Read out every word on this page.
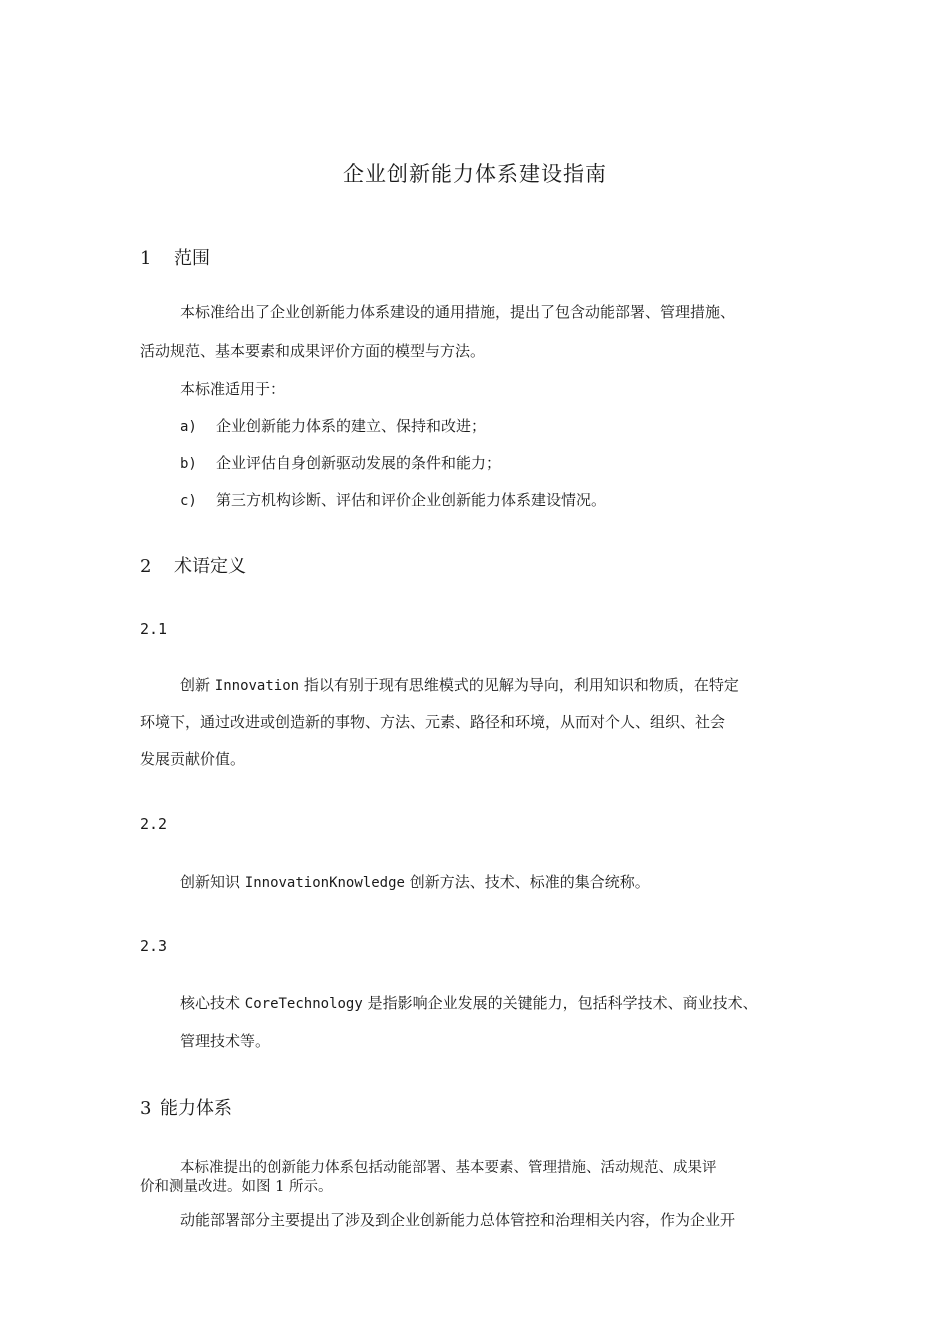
企业创新能力体系建设指南
1 范围
本标准给出了企业创新能力体系建设的通用措施，提出了包含动能部署、管理措施、
活动规范、基本要素和成果评价方面的模型与方法。
本标准适用于：
a) 企业创新能力体系的建立、保持和改进；
b) 企业评估自身创新驱动发展的条件和能力；
c) 第三方机构诊断、评估和评价企业创新能力体系建设情况。
2 术语定义
2.1
创新 Innovation 指以有别于现有思维模式的见解为导向，利用知识和物质，在特定
环境下，通过改进或创造新的事物、方法、元素、路径和环境，从而对个人、组织、社会
发展贡献价值。
2.2
创新知识 InnovationKnowledge 创新方法、技术、标准的集合统称。
2.3
核心技术 CoreTechnology 是指影响企业发展的关键能力，包括科学技术、商业技术、
管理技术等。
3 能力体系
本标准提出的创新能力体系包括动能部署、基本要素、管理措施、活动规范、成果评
价和测量改进。如图 1 所示。
动能部署部分主要提出了涉及到企业创新能力总体管控和治理相关内容，作为企业开
